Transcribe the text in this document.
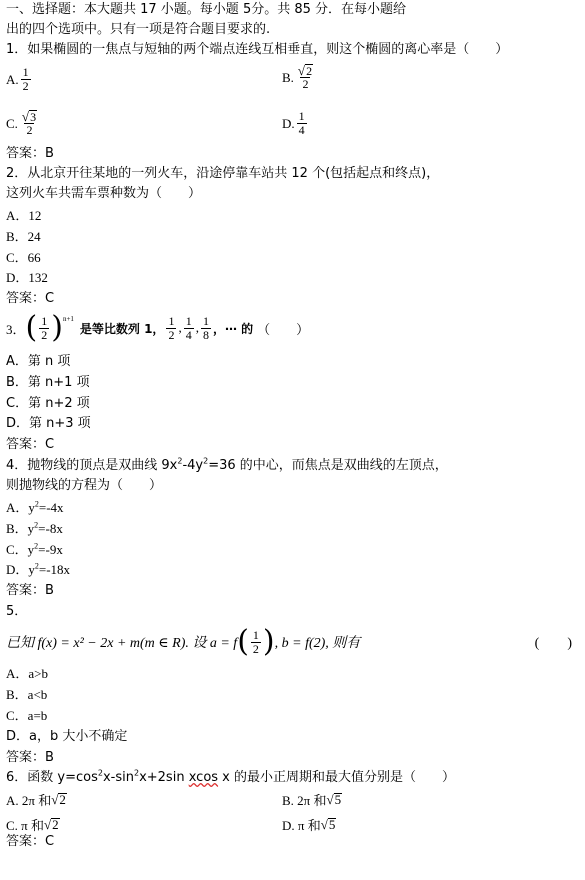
一、选择题：本大题共 17 小题。每小题 5分。共 85 分．在每小题给
出的四个选项中。只有一项是符合题目要求的.
1．如果椭圆的一焦点与短轴的两个端点连线互相垂直，则这个椭圆的离心率是（　　）
A. $\frac{1}{2}$	B. $\frac{√ 2}{2}$
C. $\frac{√ 3}{2}$	D. $\frac{1}{4}$
答案：B
2．从北京开往某地的一列火车，沿途停靠车站共 12 个(包括起点和终点)，
这列火车共需车票种数为（　　）
A．12
B．24
C．66
D．132
答案：C
3． ( $\frac{1}{2}$ ) n+1
是等比数列 1， $\frac{1}{2}$ , $\frac{1}{4}$ , $\frac{1}{8}$ ，⋯ 的 （　　）
A．第 n 项
B．第 n+1 项
C．第 n+2 项
D．第 n+3 项
答案：C
4．抛物线的顶点是双曲线 $9x^2-4y^2=36$ 的中心，而焦点是双曲线的左顶点，
则抛物线的方程为（　　）
A．$y^2=-4x$
B．$y^2=-8x$
C．$y^2=-9x$
D．$y^2=-18x$
答案：B
5．
已知 f(x) = x² − 2x + m(m ∈ R). 设 a = f ( $\frac{1}{2}$ ) , b = f(2), 则有	(　　)
A．a>b
B．a<b
C．a=b
D．a，b 大小不确定
答案：B
6．函数 $y=\cos^2x-\sin^2x+2\sin$ xcos x 的最小正周期和最大值分别是（　　）
A. 2π 和 √ 2	B. 2π 和 √ 5
C. π 和 √ 2	D. π 和 √ 5
答案：C
